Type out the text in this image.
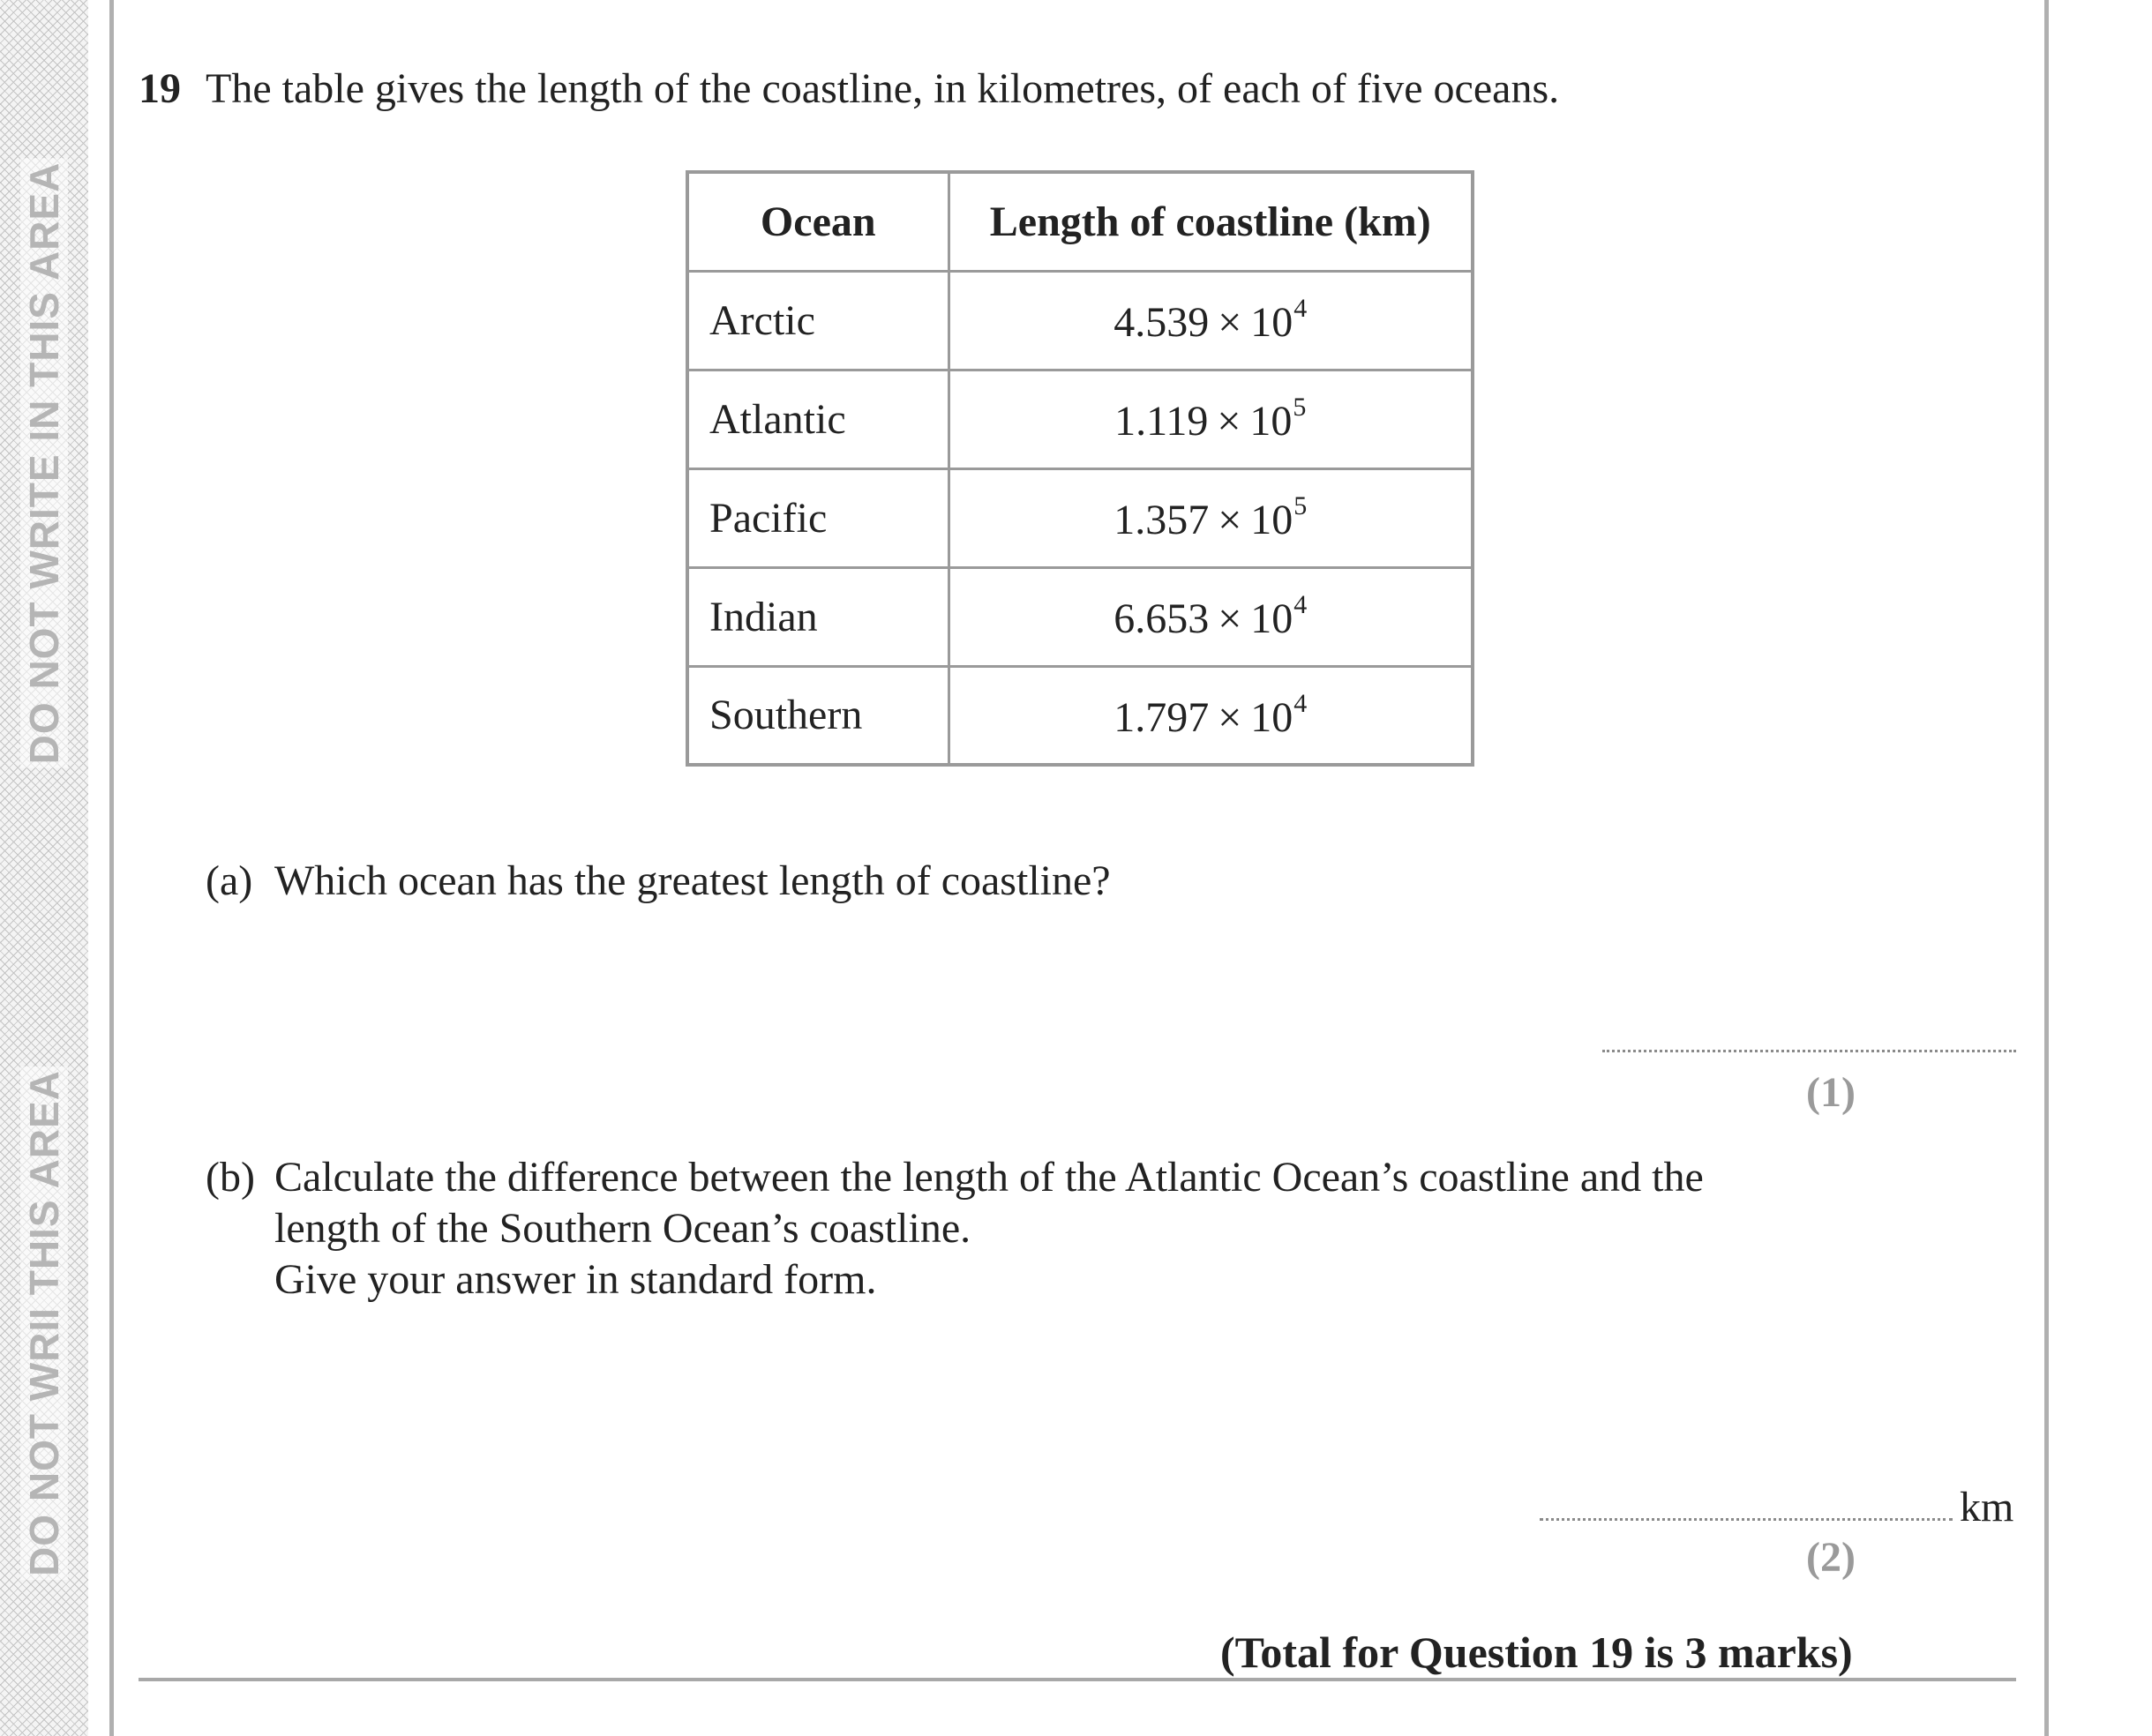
DO NOT WRITE IN THIS AREA
DO NOT WRII THIS AREA
19 The table gives the length of the coastline, in kilometres, of each of five oceans.
Ocean	Length of coastline (km)
Arctic	$4.539 \times 10^4$
Atlantic	$1.119 \times 10^5$
Pacific	$1.357 \times 10^5$
Indian	$6.653 \times 10^4$
Southern	$1.797 \times 10^4$
(a) Which ocean has the greatest length of coastline?
(1)
(b) Calculate the difference between the length of the Atlantic Ocean’s coastline and the
length of the Southern Ocean’s coastline.
Give your answer in standard form.
km
(2)
(Total for Question 19 is 3 marks)
